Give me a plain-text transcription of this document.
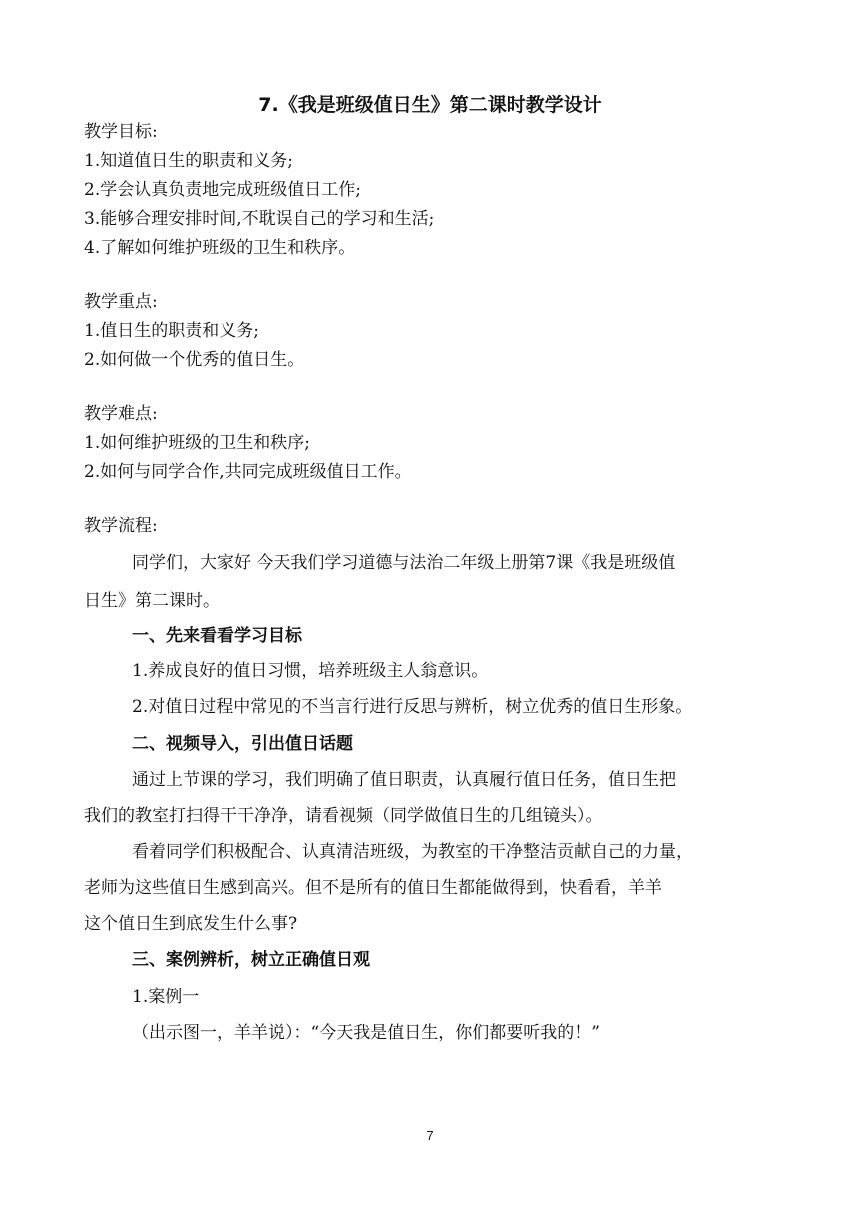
7.《我是班级值日生》第二课时教学设计
教学目标:
1.知道值日生的职责和义务;
2.学会认真负责地完成班级值日工作;
3.能够合理安排时间,不耽误自己的学习和生活;
4.了解如何维护班级的卫生和秩序。
教学重点:
1.值日生的职责和义务;
2.如何做一个优秀的值日生。
教学难点:
1.如何维护班级的卫生和秩序;
2.如何与同学合作,共同完成班级值日工作。
教学流程:
同学们，大家好 今天我们学习道德与法治二年级上册第7课《我是班级值
日生》第二课时。
一、先来看看学习目标
1.养成良好的值日习惯，培养班级主人翁意识。
2.对值日过程中常见的不当言行进行反思与辨析，树立优秀的值日生形象。
二、视频导入，引出值日话题
通过上节课的学习，我们明确了值日职责，认真履行值日任务，值日生把
我们的教室打扫得干干净净，请看视频（同学做值日生的几组镜头）。
看着同学们积极配合、认真清洁班级，为教室的干净整洁贡献自己的力量，
老师为这些值日生感到高兴。但不是所有的值日生都能做得到，快看看，羊羊
这个值日生到底发生什么事?
三、案例辨析，树立正确值日观
1.案例一
（出示图一，羊羊说）：“今天我是值日生，你们都要听我的！”
7
